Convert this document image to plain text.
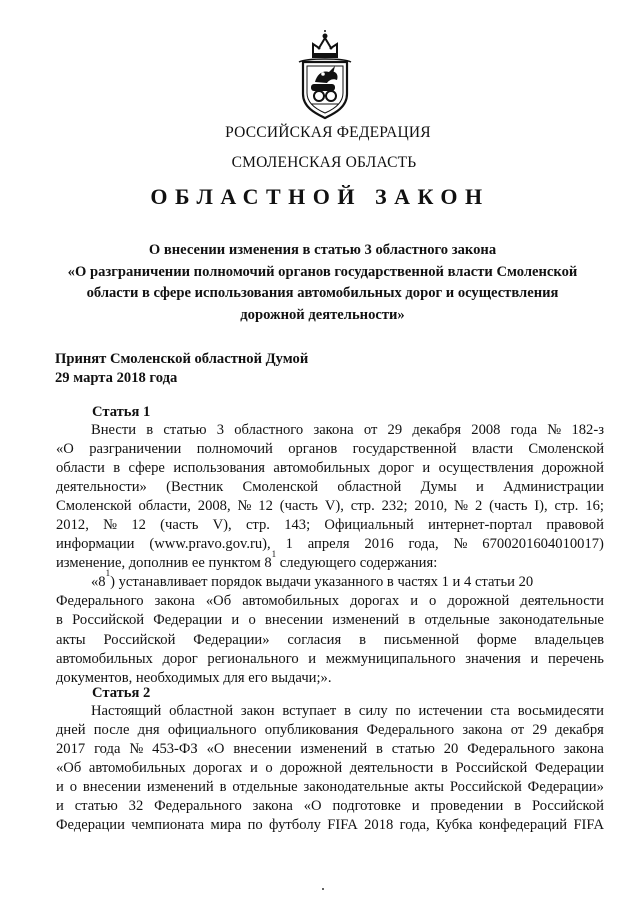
РОССИЙСКАЯ ФЕДЕРАЦИЯ
СМОЛЕНСКАЯ ОБЛАСТЬ
ОБЛАСТНОЙ ЗАКОН
О внесении изменения в статью 3 областного закона
«О разграничении полномочий органов государственной власти Смоленской
области в сфере использования автомобильных дорог и осуществления
дорожной деятельности»
Принят Смоленской областной Думой
29 марта 2018 года
Статья 1
Внести в статью 3 областного закона от 29 декабря 2008 года № 182-з
«О разграничении полномочий органов государственной власти Смоленской
области в сфере использования автомобильных дорог и осуществления дорожной
деятельности» (Вестник Смоленской областной Думы и Администрации
Смоленской области, 2008, № 12 (часть V), стр. 232; 2010, № 2 (часть I), стр. 16;
2012, № 12 (часть V), стр. 143; Официальный интернет-портал правовой
информации (www.pravo.gov.ru), 1 апреля 2016 года, № 6700201604010017)
изменение, дополнив ее пунктом 8
1
следующего содержания:
«8
1
) устанавливает порядок выдачи указанного в частях 1 и 4 статьи 20
Федерального закона «Об автомобильных дорогах и о дорожной деятельности
в Российской Федерации и о внесении изменений в отдельные законодательные
акты Российской Федерации» согласия в письменной форме владельцев
автомобильных дорог регионального и межмуниципального значения и перечень
документов, необходимых для его выдачи;».
Статья 2
Настоящий областной закон вступает в силу по истечении ста восьмидесяти
дней после дня официального опубликования Федерального закона от 29 декабря
2017 года № 453-ФЗ «О внесении изменений в статью 20 Федерального закона
«Об автомобильных дорогах и о дорожной деятельности в Российской Федерации
и о внесении изменений в отдельные законодательные акты Российской Федерации»
и статью 32 Федерального закона «О подготовке и проведении в Российской
Федерации чемпионата мира по футболу FIFA 2018 года, Кубка конфедераций FIFA
